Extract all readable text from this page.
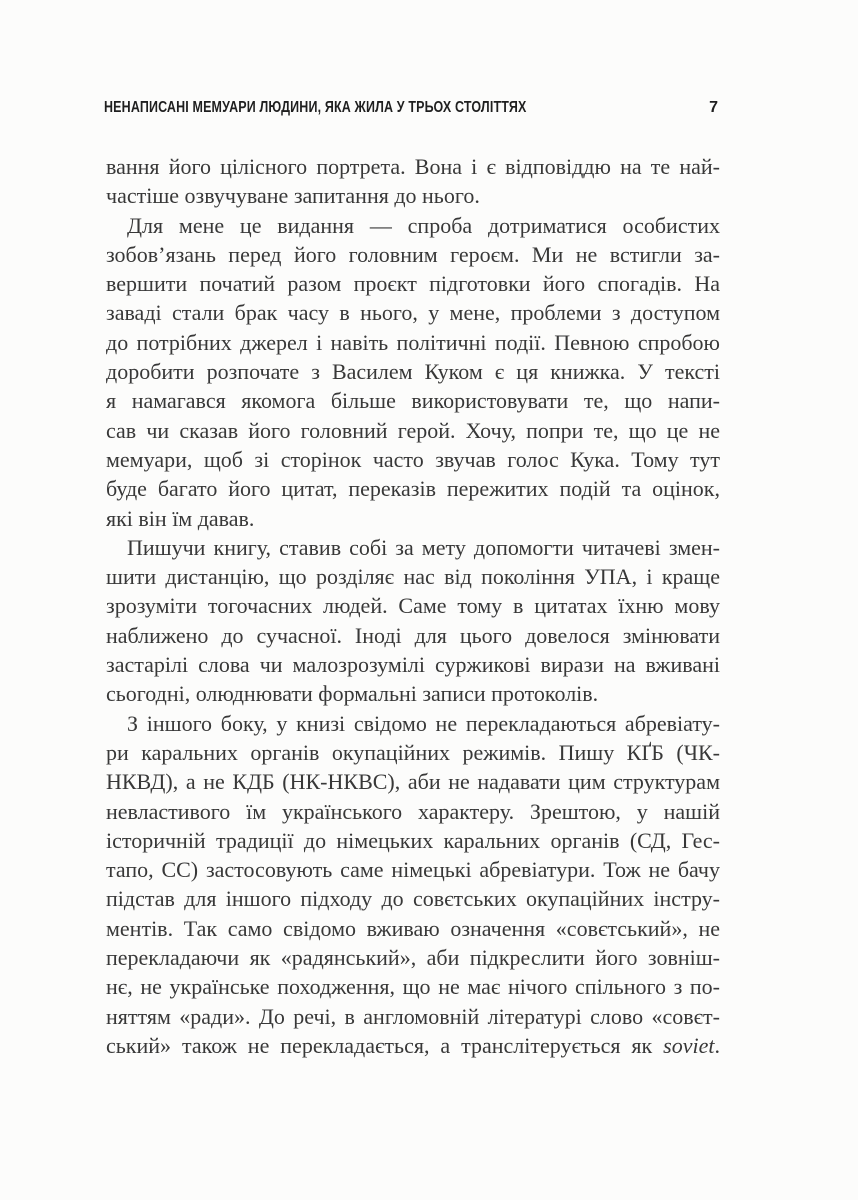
НЕНАПИСАНІ МЕМУАРИ ЛЮДИНИ, ЯКА ЖИЛА У ТРЬОХ СТОЛІТТЯХ	7
вання його цілісного портрета. Вона і є відповіддю на те най-
частіше озвучуване запитання до нього.
Для мене це видання — спроба дотриматися особистих
зобов’язань перед його головним героєм. Ми не встигли за-
вершити початий разом проєкт підготовки його спогадів. На
заваді стали брак часу в нього, у мене, проблеми з доступом
до потрібних джерел і навіть політичні події. Певною спробою
доробити розпочате з Василем Куком є ця книжка. У тексті
я намагався якомога більше використовувати те, що напи-
сав чи сказав його головний герой. Хочу, попри те, що це не
мемуари, щоб зі сторінок часто звучав голос Кука. Тому тут
буде багато його цитат, переказів пережитих подій та оцінок,
які він їм давав.
Пишучи книгу, ставив собі за мету допомогти читачеві змен-
шити дистанцію, що розділяє нас від покоління УПА, і краще
зрозуміти тогочасних людей. Саме тому в цитатах їхню мову
наближено до сучасної. Іноді для цього довелося змінювати
застарілі слова чи малозрозумілі суржикові вирази на вживані
сьогодні, олюднювати формальні записи протоколів.
З іншого боку, у книзі свідомо не перекладаються абревіату-
ри каральних органів окупаційних режимів. Пишу КҐБ (ЧК-
НКВД), а не КДБ (НК-НКВС), аби не надавати цим структурам
невластивого їм українського характеру. Зрештою, у нашій
історичній традиції до німецьких каральних органів (СД, Гес-
тапо, СС) застосовують саме німецькі абревіатури. Тож не бачу
підстав для іншого підходу до совєтських окупаційних інстру-
ментів. Так само свідомо вживаю означення «совєтський», не
перекладаючи як «радянський», аби підкреслити його зовніш-
нє, не українське походження, що не має нічого спільного з по-
няттям «ради». До речі, в англомовній літературі слово «совєт-
ський» також не перекладається, а транслітерується як soviet.
